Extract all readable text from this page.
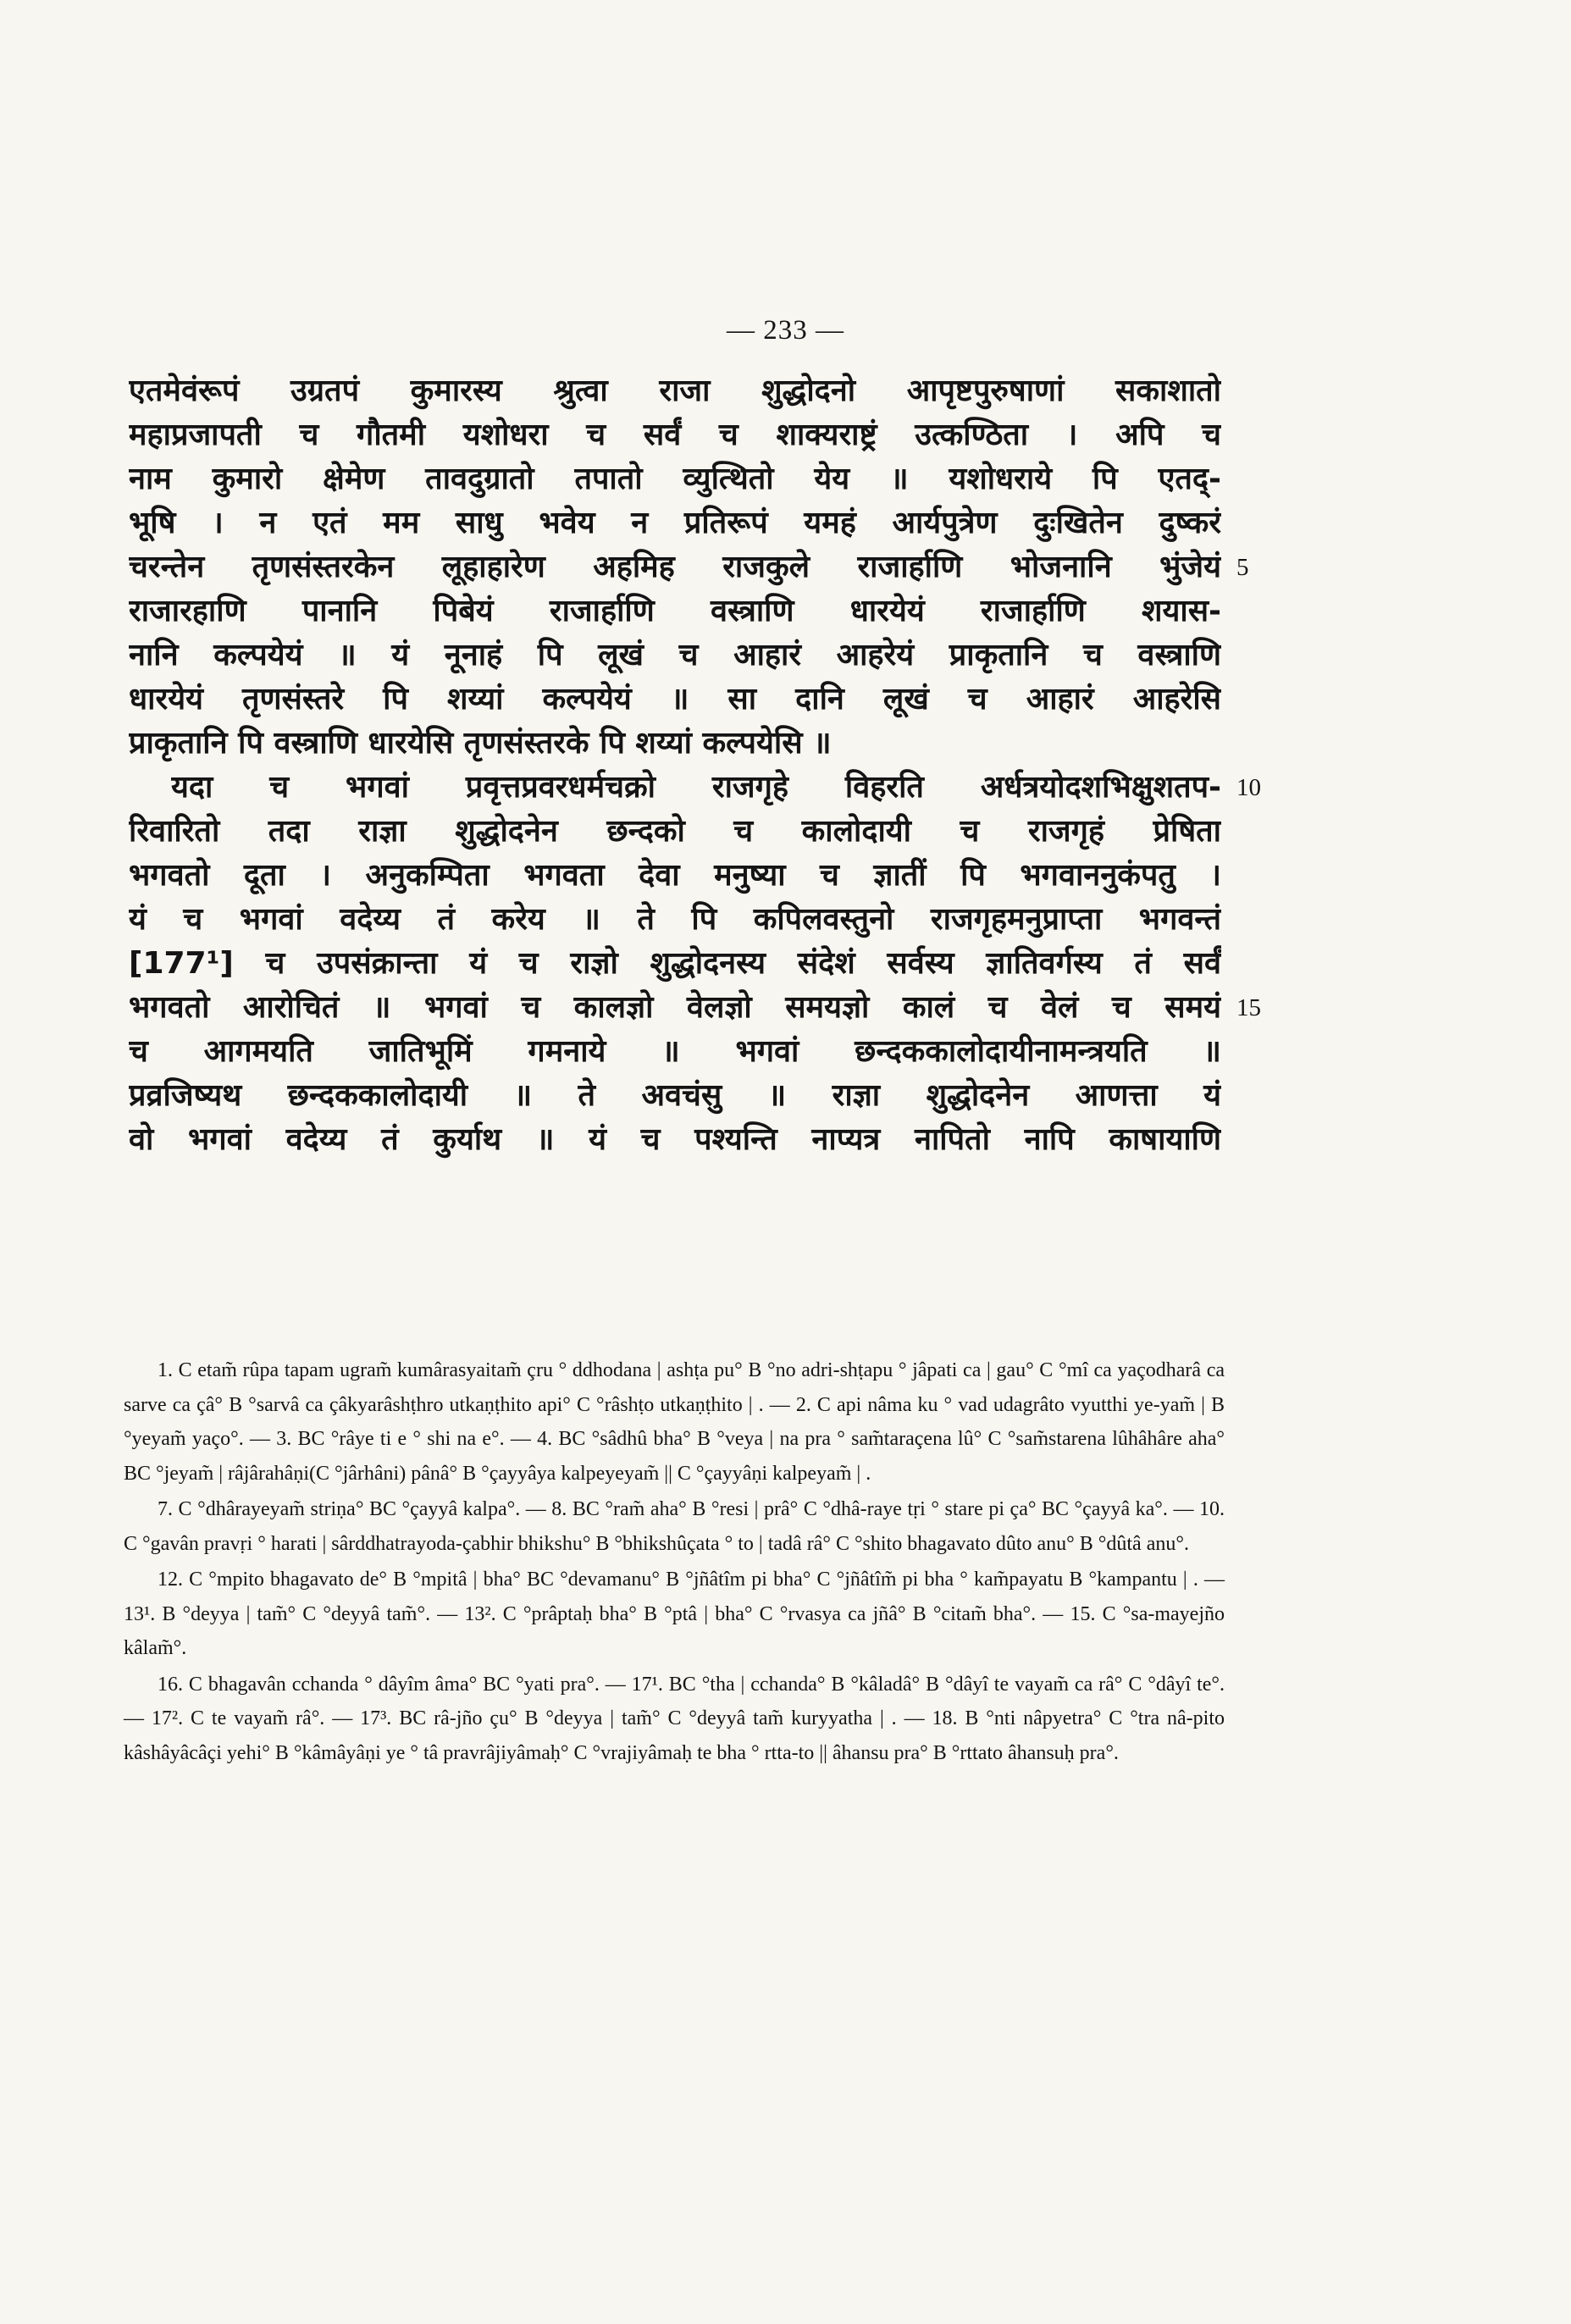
— 233 —
एतमेवंरूपं उग्रतपं कुमारस्य श्रुत्वा राजा शुद्धोदनो आपृष्टपुरुषाणां सकाशातो
महाप्रजापती च गौतमी यशोधरा च सर्वं च शाक्यराष्ट्रं उत्कण्ठिता । अपि च
नाम कुमारो क्षेमेण तावदुग्रातो तपातो व्युत्थितो येय ॥ यशोधराये पि एतद्-
भूषि । न एतं मम साधु भवेय न प्रतिरूपं यमहं आर्यपुत्रेण दुःखितेन दुष्करं
चरन्तेन तृणसंस्तरकेन लूहाहारेण अहमिह राजकुले राजार्हाणि भोजनानि भुंजेयं 5
राजारहाणि पानानि पिबेयं राजार्हाणि वस्त्राणि धारयेयं राजार्हाणि शयास-
नानि कल्पयेयं ॥ यं नूनाहं पि लूखं च आहारं आहरेयं प्राकृतानि च वस्त्राणि
धारयेयं तृणसंस्तरे पि शय्यां कल्पयेयं ॥ सा दानि लूखं च आहारं आहरेसि
प्राकृतानि पि वस्त्राणि धारयेसि तृणसंस्तरके पि शय्यां कल्पयेसि ॥
यदा च भगवां प्रवृत्तप्रवरधर्मचक्रो राजगृहे विहरति अर्धत्रयोदशभिक्षुशतप- 10
रिवारितो तदा राज्ञा शुद्धोदनेन छन्दको च कालोदायी च राजगृहं प्रेषिता
भगवतो दूता । अनुकम्पिता भगवता देवा मनुष्या च ज्ञातीं पि भगवाननुकंपतु ।
यं च भगवां वदेय्य तं करेय ॥ ते पि कपिलवस्तुनो राजगृहमनुप्राप्ता भगवन्तं
[177¹] च उपसंक्रान्ता यं च राज्ञो शुद्धोदनस्य संदेशं सर्वस्य ज्ञातिवर्गस्य तं सर्वं
भगवतो आरोचितं ॥ भगवां च कालज्ञो वेलज्ञो समयज्ञो कालं च वेलं च समयं 15
च आगमयति जातिभूमिं गमनाये ॥ भगवां छन्दककालोदायीनामन्त्रयति ॥
प्रव्रजिष्यथ छन्दककालोदायी ॥ ते अवचंसु ॥ राज्ञा शुद्धोदनेन आणत्ता यं
वो भगवां वदेय्य तं कुर्याथ ॥ यं च पश्यन्ति नाप्यत्र नापितो नापि काषायाणि

1. C etam̃ rûpa tapam ugram̃ kumârasyaitam̃ çru ° ddhodana | ashṭa pu° B °no adri-shṭapu ° jâpati ca | gau° C °mî ca yaçodharâ ca sarve ca çâ° B °sarvâ ca çâkyarâshṭhro utkaṇṭhito api° C °râshṭo utkaṇṭhito | . — 2. C api nâma ku ° vad udagrâto vyutthi ye-yam̃ | B °yeyam̃ yaço°. — 3. BC °râye ti e ° shi na e°. — 4. BC °sâdhû bha° B °veya | na pra ° sam̃taraçena lû° C °sam̃starena lûhâhâre aha° BC °jeyam̃ | râjârahâṇi(C °jârhâni) pânâ° B °çayyâya kalpeyeyam̃ || C °çayyâṇi kalpeyam̃ | .

7. C °dhârayeyam̃ striṇa° BC °çayyâ kalpa°. — 8. BC °ram̃ aha° B °resi | prâ° C °dhâ-raye tṛi ° stare pi ça° BC °çayyâ ka°. — 10. C °gavân pravṛi ° harati | sârddhatrayoda-çabhir bhikshu° B °bhikshûçata ° to | tadâ râ° C °shito bhagavato dûto anu° B °dûtâ anu°.

12. C °mpito bhagavato de° B °mpitâ | bha° BC °devamanu° B °jñâtîm pi bha° C °jñâtîm̃ pi bha ° kam̃payatu B °kampantu | . — 13¹. B °deyya | tam̃° C °deyyâ tam̃°. — 13². C °prâptaḥ bha° B °ptâ | bha° C °rvasya ca jñâ° B °citam̃ bha°. — 15. C °sa-mayejño kâlam̃°.

16. C bhagavân cchanda ° dâyîm âma° BC °yati pra°. — 17¹. BC °tha | cchanda° B °kâladâ° B °dâyî te vayam̃ ca râ° C °dâyî te°. — 17². C te vayam̃ râ°. — 17³. BC râ-jño çu° B °deyya | tam̃° C °deyyâ tam̃ kuryyatha | . — 18. B °nti nâpyetra° C °tra nâ-pito kâshâyâcâçi yehi° B °kâmâyâṇi ye ° tâ pravrâjiyâmaḥ° C °vrajiyâmaḥ te bha ° rtta-to || âhansu pra° B °rttato âhansuḥ pra°.
